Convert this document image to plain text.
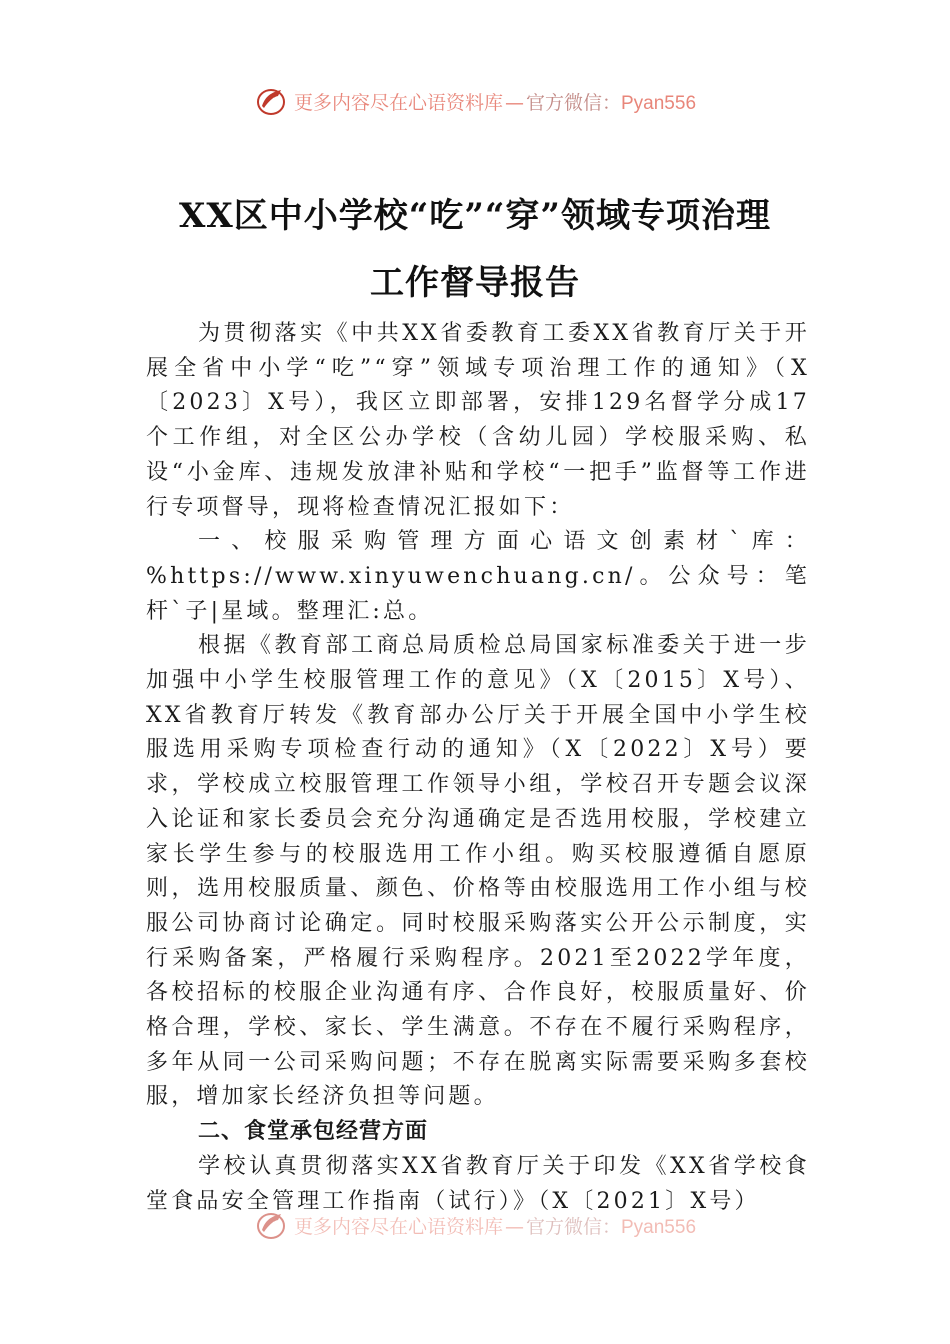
更多内容尽在心语资料库 — 官方微信：Pyan556
XX区中小学校“吃”“穿”领域专项治理
工作督导报告

为贯彻落实《中共XX省委教育工委XX省教育厅关于开展全省中小学“吃”“穿”领域专项治理工作的通知》（X〔2023〕X号），我区立即部署，安排129名督学分成17个工作组，对全区公办学校（含幼儿园）学校服采购、私设“小金库、违规发放津补贴和学校“一把手”监督等工作进行专项督导，现将检查情况汇报如下：

一、校服采购管理方面心语文创素材`库：%https://www.xinyuwenchuang.cn/。公众号：笔杆`子|星域。整理汇:总。

根据《教育部工商总局质检总局国家标准委关于进一步加强中小学生校服管理工作的意见》（X〔2015〕X号）、XX省教育厅转发《教育部办公厅关于开展全国中小学生校服选用采购专项检查行动的通知》（X〔2022〕X号）要求，学校成立校服管理工作领导小组，学校召开专题会议深入论证和家长委员会充分沟通确定是否选用校服，学校建立家长学生参与的校服选用工作小组。购买校服遵循自愿原则，选用校服质量、颜色、价格等由校服选用工作小组与校服公司协商讨论确定。同时校服采购落实公开公示制度，实行采购备案，严格履行采购程序。2021至2022学年度，各校招标的校服企业沟通有序、合作良好，校服质量好、价格合理，学校、家长、学生满意。不存在不履行采购程序，多年从同一公司采购问题；不存在脱离实际需要采购多套校服，增加家长经济负担等问题。

二、食堂承包经营方面

学校认真贯彻落实XX省教育厅关于印发《XX省学校食堂食品安全管理工作指南（试行）》（X〔2021〕X号）

更多内容尽在心语资料库 — 官方微信：Pyan556
